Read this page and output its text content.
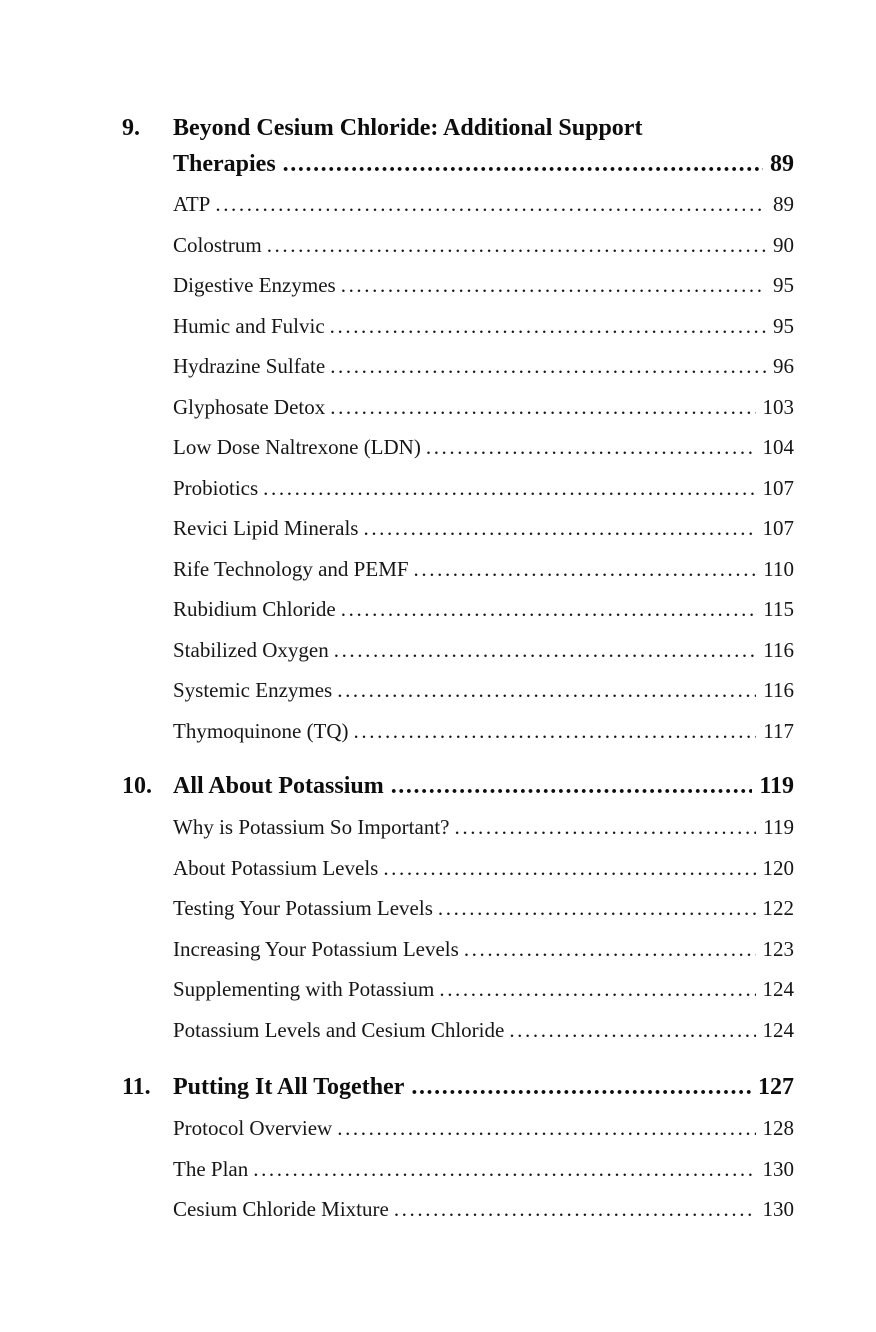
9.	Beyond Cesium Chloride: Additional Support
Therapies .....	89
ATP .....	89
Colostrum .....	90
Digestive Enzymes .....	95
Humic and Fulvic .....	95
Hydrazine Sulfate .....	96
Glyphosate Detox .....	103
Low Dose Naltrexone (LDN) .....	104
Probiotics .....	107
Revici Lipid Minerals .....	107
Rife Technology and PEMF .....	110
Rubidium Chloride .....	115
Stabilized Oxygen .....	116
Systemic Enzymes .....	116
Thymoquinone (TQ) .....	117
10. All About Potassium .....	119
Why is Potassium So Important? .....	119
About Potassium Levels .....	120
Testing Your Potassium Levels .....	122
Increasing Your Potassium Levels .....	123
Supplementing with Potassium .....	124
Potassium Levels and Cesium Chloride .....	124
11. Putting It All Together .....	127
Protocol Overview .....	128
The Plan .....	130
Cesium Chloride Mixture .....	130
